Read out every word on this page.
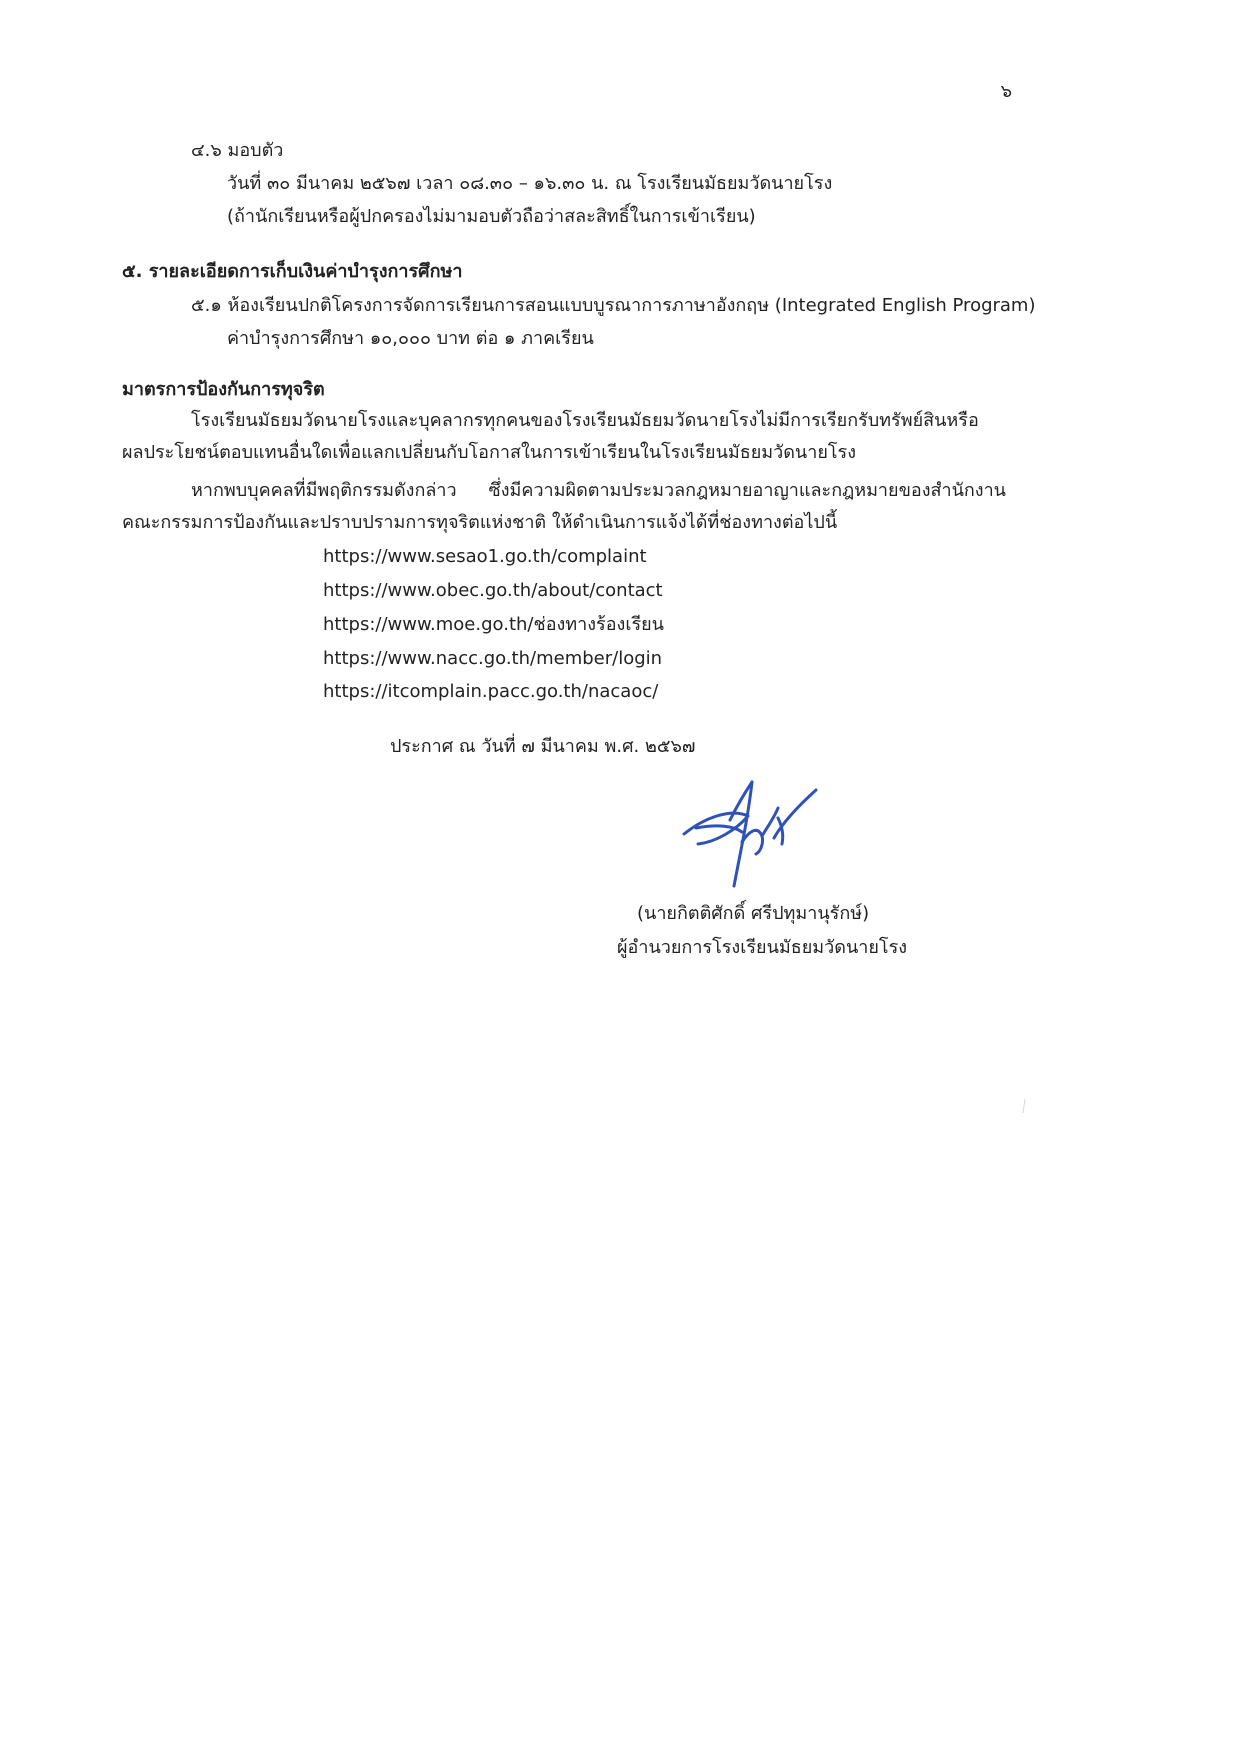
๖
๔.๖ มอบตัว
วันที่ ๓๐ มีนาคม ๒๕๖๗ เวลา ๐๘.๓๐ – ๑๖.๓๐ น. ณ โรงเรียนมัธยมวัดนายโรง
(ถ้านักเรียนหรือผู้ปกครองไม่มามอบตัวถือว่าสละสิทธิ์ในการเข้าเรียน)
๕. รายละเอียดการเก็บเงินค่าบำรุงการศึกษา
๕.๑ ห้องเรียนปกติโครงการจัดการเรียนการสอนแบบบูรณาการภาษาอังกฤษ (Integrated English Program)
ค่าบำรุงการศึกษา ๑๐,๐๐๐ บาท ต่อ ๑ ภาคเรียน
มาตรการป้องกันการทุจริต
โรงเรียนมัธยมวัดนายโรงและบุคลากรทุกคนของโรงเรียนมัธยมวัดนายโรงไม่มีการเรียกรับทรัพย์สินหรือ
ผลประโยชน์ตอบแทนอื่นใดเพื่อแลกเปลี่ยนกับโอกาสในการเข้าเรียนในโรงเรียนมัธยมวัดนายโรง
หากพบบุคคลที่มีพฤติกรรมดังกล่าว ซึ่งมีความผิดตามประมวลกฎหมายอาญาและกฎหมายของสำนักงาน
คณะกรรมการป้องกันและปราบปรามการทุจริตแห่งชาติ ให้ดำเนินการแจ้งได้ที่ช่องทางต่อไปนี้
https://www.sesao1.go.th/complaint
https://www.obec.go.th/about/contact
https://www.moe.go.th/ช่องทางร้องเรียน
https://www.nacc.go.th/member/login
https://itcomplain.pacc.go.th/nacaoc/
ประกาศ ณ วันที่ ๗ มีนาคม พ.ศ. ๒๕๖๗
(นายกิตติศักดิ์ ศรีปทุมานุรักษ์)
ผู้อำนวยการโรงเรียนมัธยมวัดนายโรง
